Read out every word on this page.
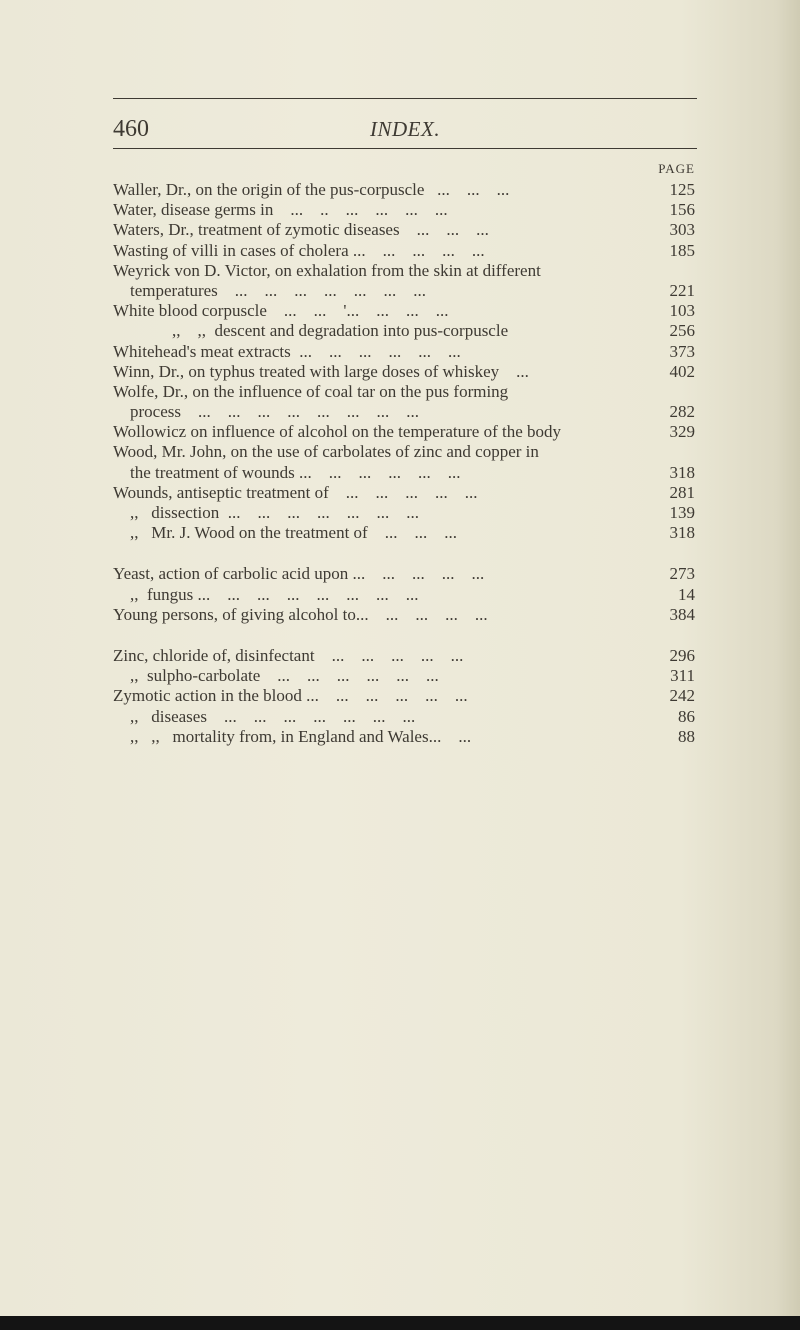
460	INDEX.
PAGE
Waller, Dr., on the origin of the pus-corpuscle   ...    ...    ...	125
Water, disease germs in    ...    ..    ...    ...    ...    ...	156
Waters, Dr., treatment of zymotic diseases    ...    ...    ...	303
Wasting of villi in cases of cholera ...    ...    ...    ...    ...	185
Weyrick von D. Victor, on exhalation from the skin at different
temperatures    ...    ...    ...    ...    ...    ...    ...	221
White blood corpuscle    ...    ...    '...    ...    ...    ...	103
,,    ,,  descent and degradation into pus-corpuscle	256
Whitehead's meat extracts  ...    ...    ...    ...    ...    ...	373
Winn, Dr., on typhus treated with large doses of whiskey    ...	402
Wolfe, Dr., on the influence of coal tar on the pus forming
process    ...    ...    ...    ...    ...    ...    ...    ...	282
Wollowicz on influence of alcohol on the temperature of the body	329
Wood, Mr. John, on the use of carbolates of zinc and copper in
the treatment of wounds ...    ...    ...    ...    ...    ...	318
Wounds, antiseptic treatment of    ...    ...    ...    ...    ...	281
,,   dissection  ...    ...    ...    ...    ...    ...    ...	139
,,   Mr. J. Wood on the treatment of    ...    ...    ...	318
Yeast, action of carbolic acid upon ...    ...    ...    ...    ...	273
,,  fungus ...    ...    ...    ...    ...    ...    ...    ...	14
Young persons, of giving alcohol to...    ...    ...    ...    ...	384
Zinc, chloride of, disinfectant    ...    ...    ...    ...    ...	296
,,  sulpho-carbolate    ...    ...    ...    ...    ...    ...	311
Zymotic action in the blood ...    ...    ...    ...    ...    ...	242
,,   diseases    ...    ...    ...    ...    ...    ...    ...	86
,,   ,,   mortality from, in England and Wales...    ...	88
